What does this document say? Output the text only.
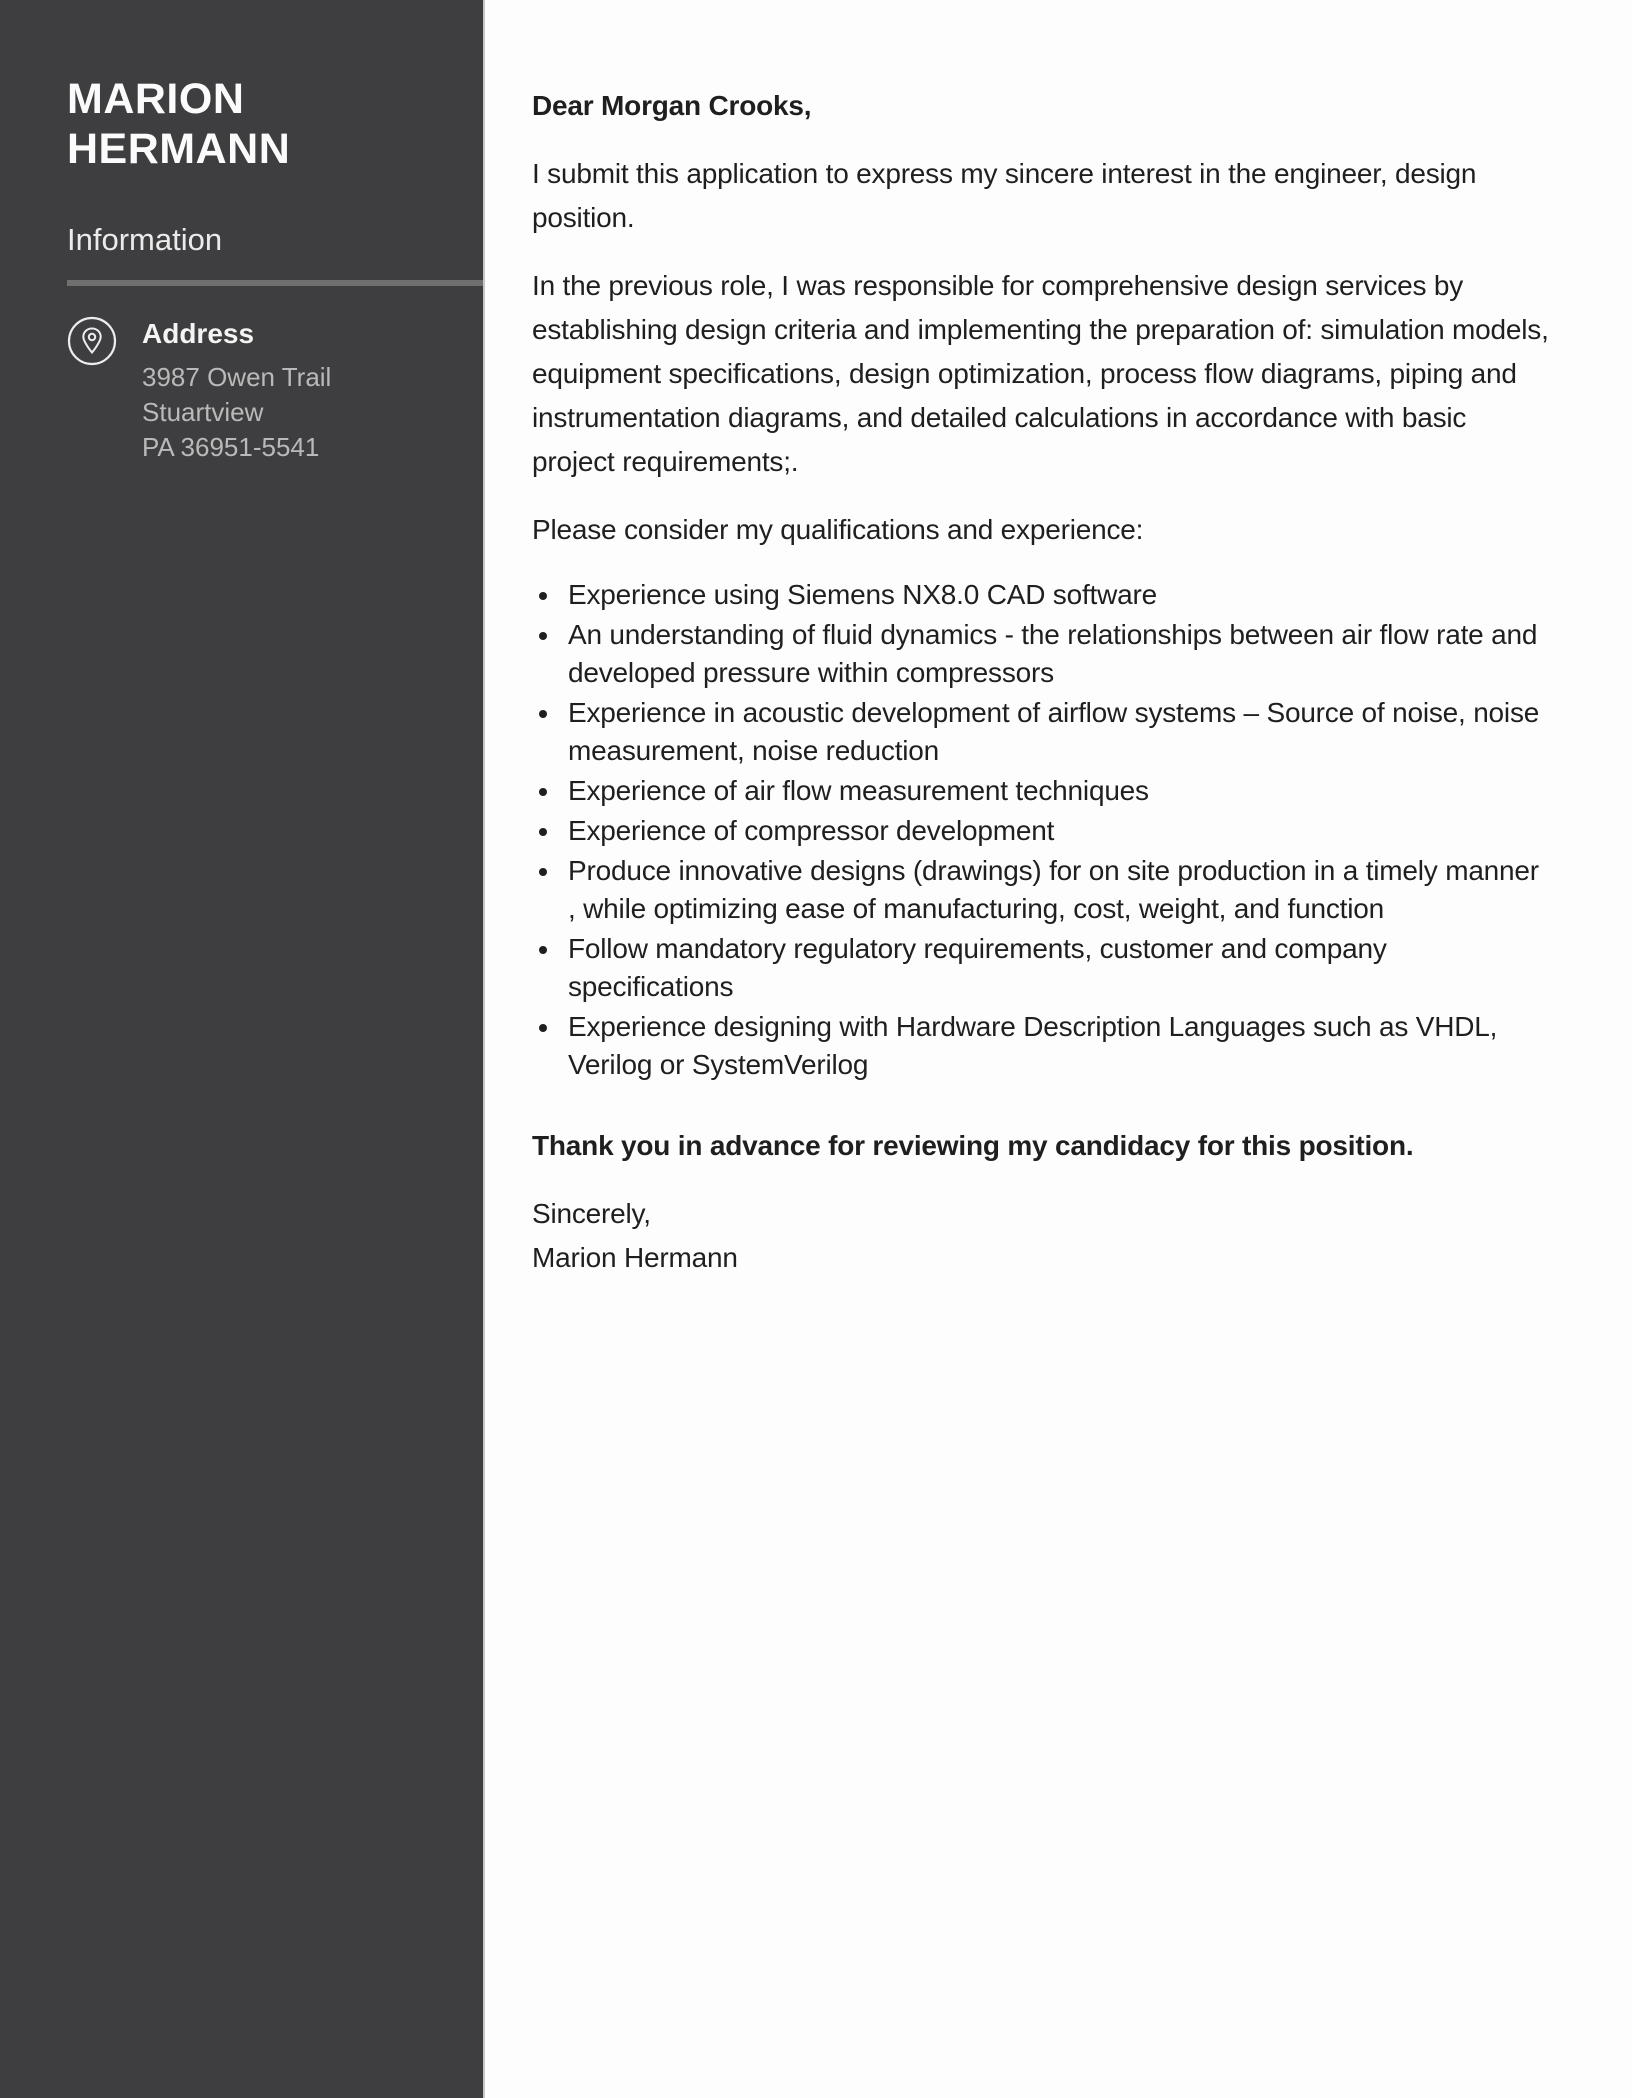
MARION
HERMANN
Information
Address
3987 Owen Trail
Stuartview
PA 36951-5541

Dear Morgan Crooks,

I submit this application to express my sincere interest in the engineer, design position.

In the previous role, I was responsible for comprehensive design services by establishing design criteria and implementing the preparation of: simulation models, equipment specifications, design optimization, process flow diagrams, piping and instrumentation diagrams, and detailed calculations in accordance with basic project requirements;.

Please consider my qualifications and experience:

• Experience using Siemens NX8.0 CAD software
• An understanding of fluid dynamics - the relationships between air flow rate and developed pressure within compressors
• Experience in acoustic development of airflow systems – Source of noise, noise measurement, noise reduction
• Experience of air flow measurement techniques
• Experience of compressor development
• Produce innovative designs (drawings) for on site production in a timely manner , while optimizing ease of manufacturing, cost, weight, and function
• Follow mandatory regulatory requirements, customer and company specifications
• Experience designing with Hardware Description Languages such as VHDL, Verilog or SystemVerilog

Thank you in advance for reviewing my candidacy for this position.

Sincerely,
Marion Hermann
